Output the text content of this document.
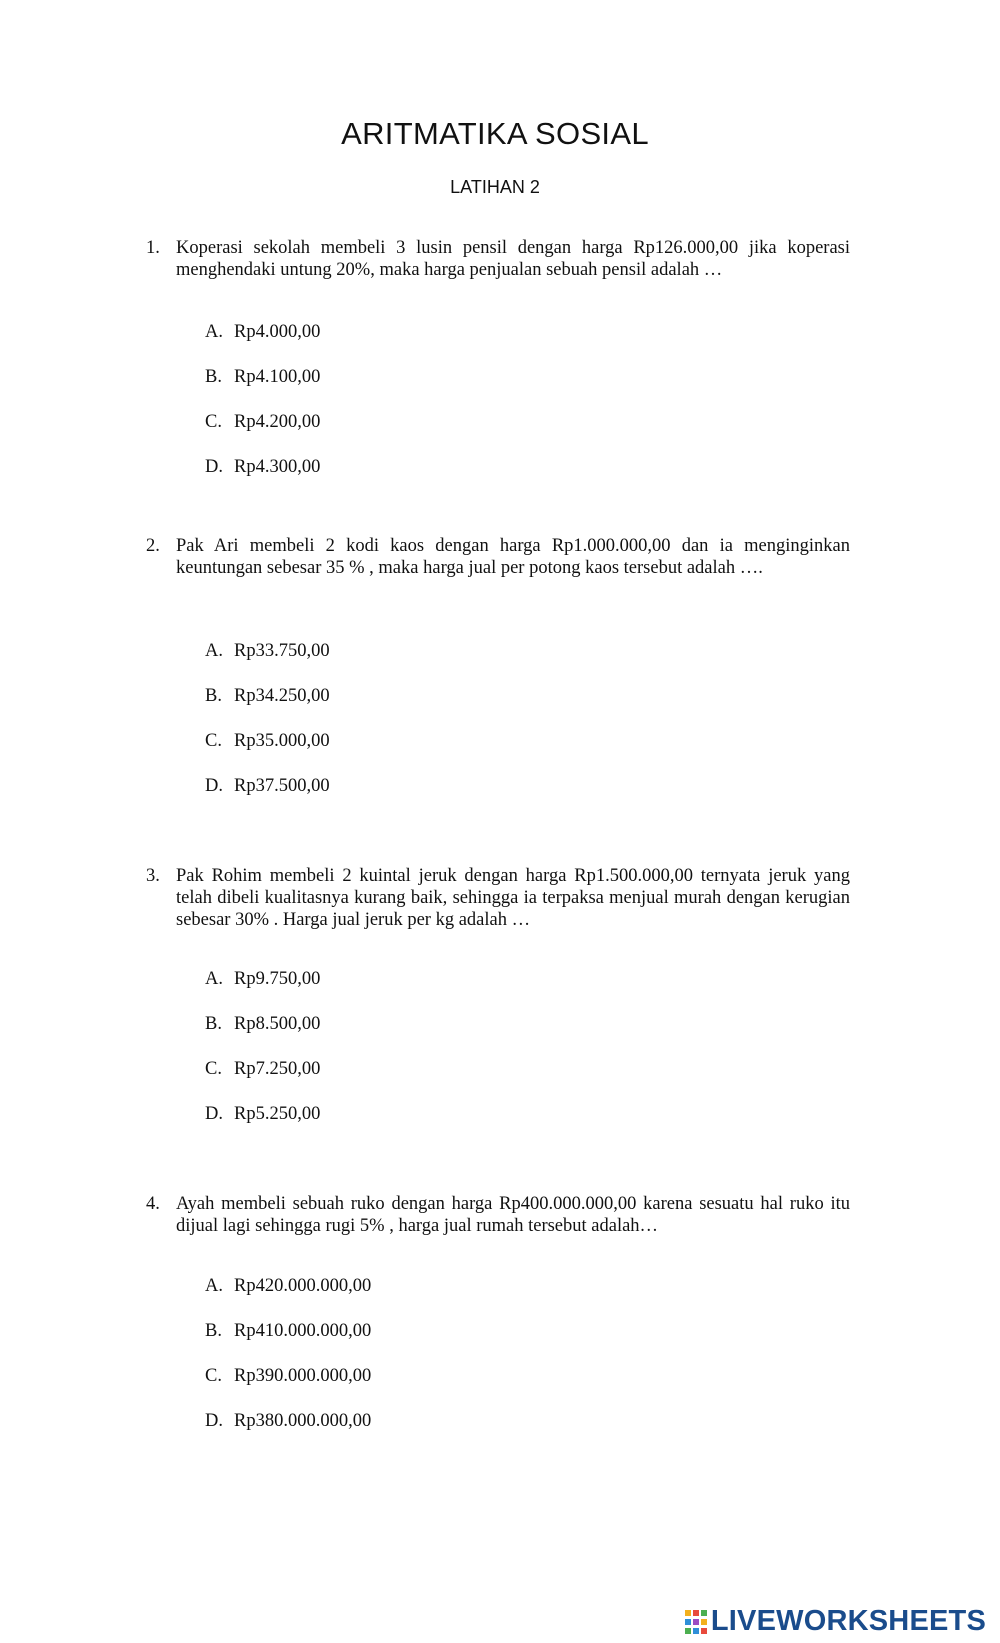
ARITMATIKA SOSIAL
LATIHAN 2
1. Koperasi sekolah membeli 3 lusin pensil dengan harga Rp126.000,00 jika koperasi menghendaki untung 20%, maka harga penjualan sebuah pensil adalah …
A. Rp4.000,00
B. Rp4.100,00
C. Rp4.200,00
D. Rp4.300,00
2. Pak Ari membeli 2 kodi kaos dengan harga Rp1.000.000,00 dan ia menginginkan keuntungan sebesar 35 % , maka harga jual per potong kaos tersebut adalah ….
A. Rp33.750,00
B. Rp34.250,00
C. Rp35.000,00
D. Rp37.500,00
3. Pak Rohim membeli 2 kuintal jeruk dengan harga Rp1.500.000,00 ternyata jeruk yang telah dibeli kualitasnya kurang baik, sehingga ia terpaksa menjual murah dengan kerugian sebesar 30% . Harga jual jeruk per kg adalah …
A. Rp9.750,00
B. Rp8.500,00
C. Rp7.250,00
D. Rp5.250,00
4. Ayah membeli sebuah ruko dengan harga Rp400.000.000,00 karena sesuatu hal ruko itu dijual lagi sehingga rugi 5% , harga jual rumah tersebut adalah…
A. Rp420.000.000,00
B. Rp410.000.000,00
C. Rp390.000.000,00
D. Rp380.000.000,00
LIVEWORKSHEETS
